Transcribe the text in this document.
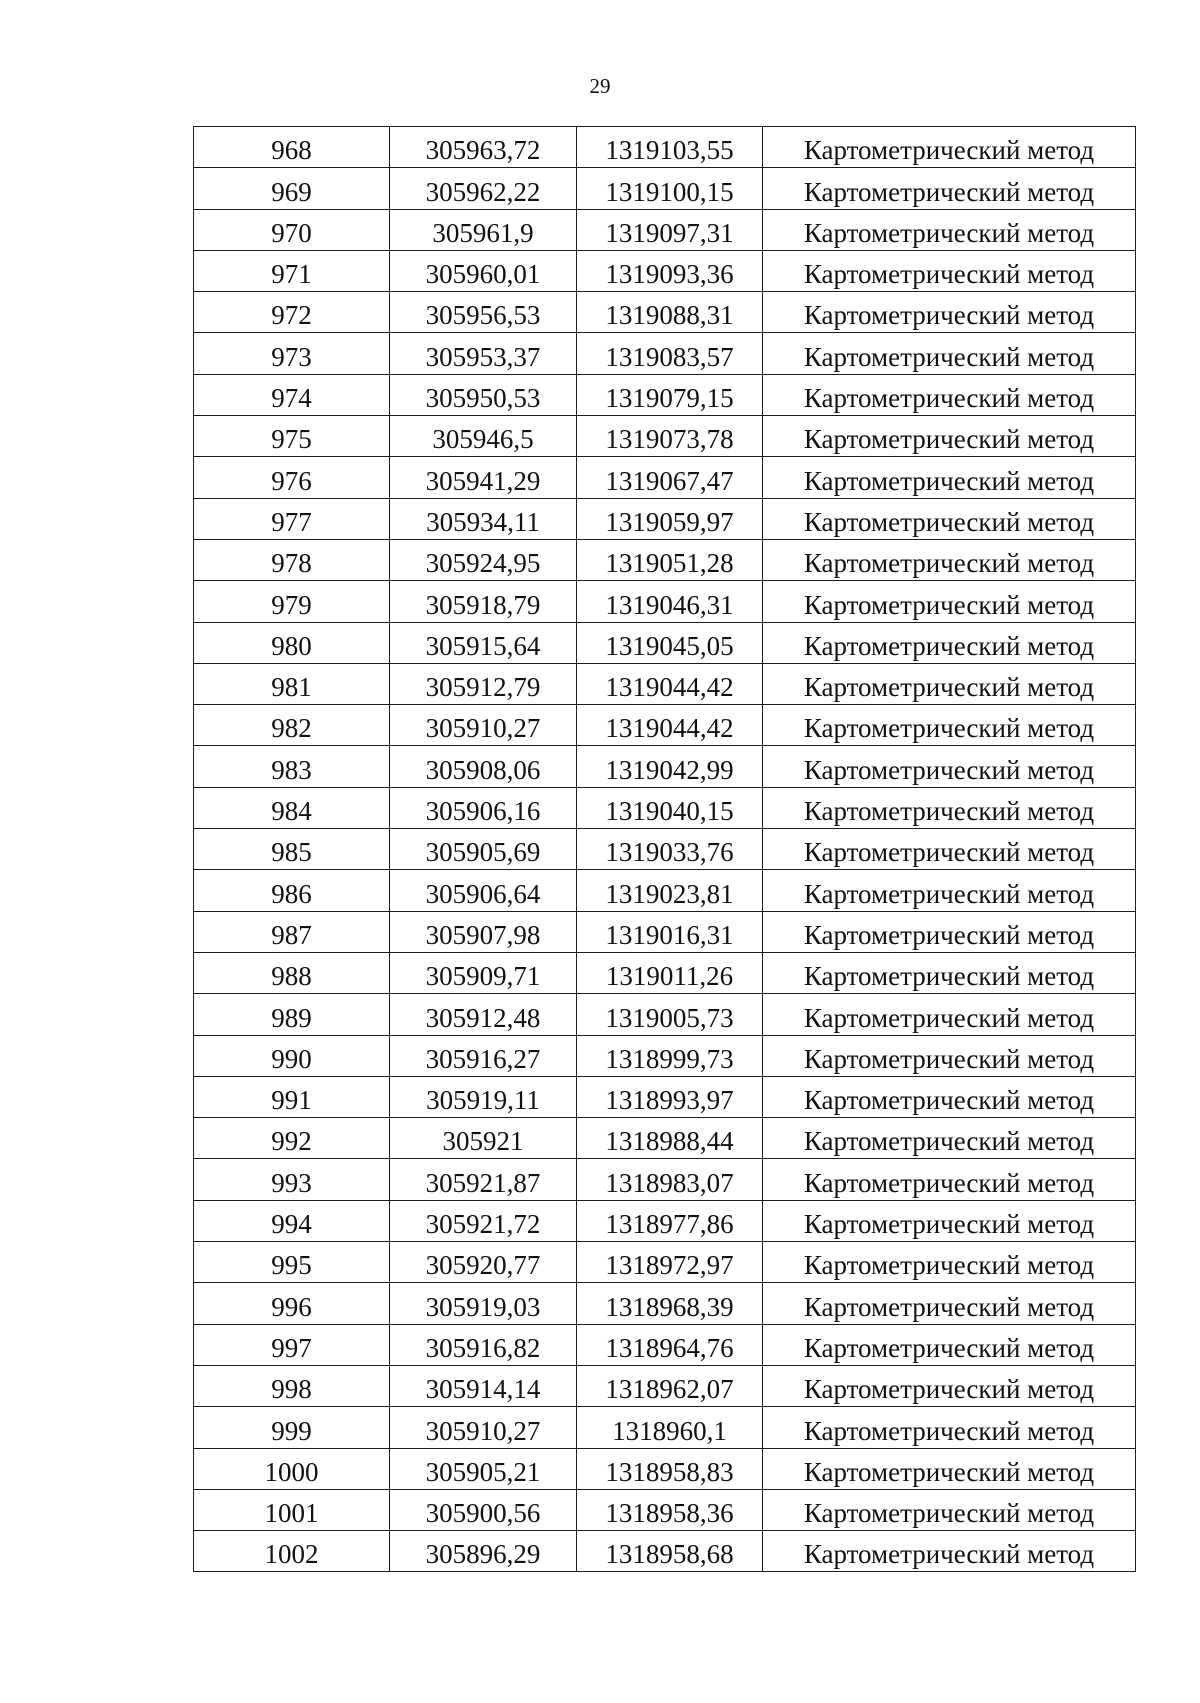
29
968	305963,72	1319103,55	Картометрический метод
969	305962,22	1319100,15	Картометрический метод
970	305961,9	1319097,31	Картометрический метод
971	305960,01	1319093,36	Картометрический метод
972	305956,53	1319088,31	Картометрический метод
973	305953,37	1319083,57	Картометрический метод
974	305950,53	1319079,15	Картометрический метод
975	305946,5	1319073,78	Картометрический метод
976	305941,29	1319067,47	Картометрический метод
977	305934,11	1319059,97	Картометрический метод
978	305924,95	1319051,28	Картометрический метод
979	305918,79	1319046,31	Картометрический метод
980	305915,64	1319045,05	Картометрический метод
981	305912,79	1319044,42	Картометрический метод
982	305910,27	1319044,42	Картометрический метод
983	305908,06	1319042,99	Картометрический метод
984	305906,16	1319040,15	Картометрический метод
985	305905,69	1319033,76	Картометрический метод
986	305906,64	1319023,81	Картометрический метод
987	305907,98	1319016,31	Картометрический метод
988	305909,71	1319011,26	Картометрический метод
989	305912,48	1319005,73	Картометрический метод
990	305916,27	1318999,73	Картометрический метод
991	305919,11	1318993,97	Картометрический метод
992	305921	1318988,44	Картометрический метод
993	305921,87	1318983,07	Картометрический метод
994	305921,72	1318977,86	Картометрический метод
995	305920,77	1318972,97	Картометрический метод
996	305919,03	1318968,39	Картометрический метод
997	305916,82	1318964,76	Картометрический метод
998	305914,14	1318962,07	Картометрический метод
999	305910,27	1318960,1	Картометрический метод
1000	305905,21	1318958,83	Картометрический метод
1001	305900,56	1318958,36	Картометрический метод
1002	305896,29	1318958,68	Картометрический метод
